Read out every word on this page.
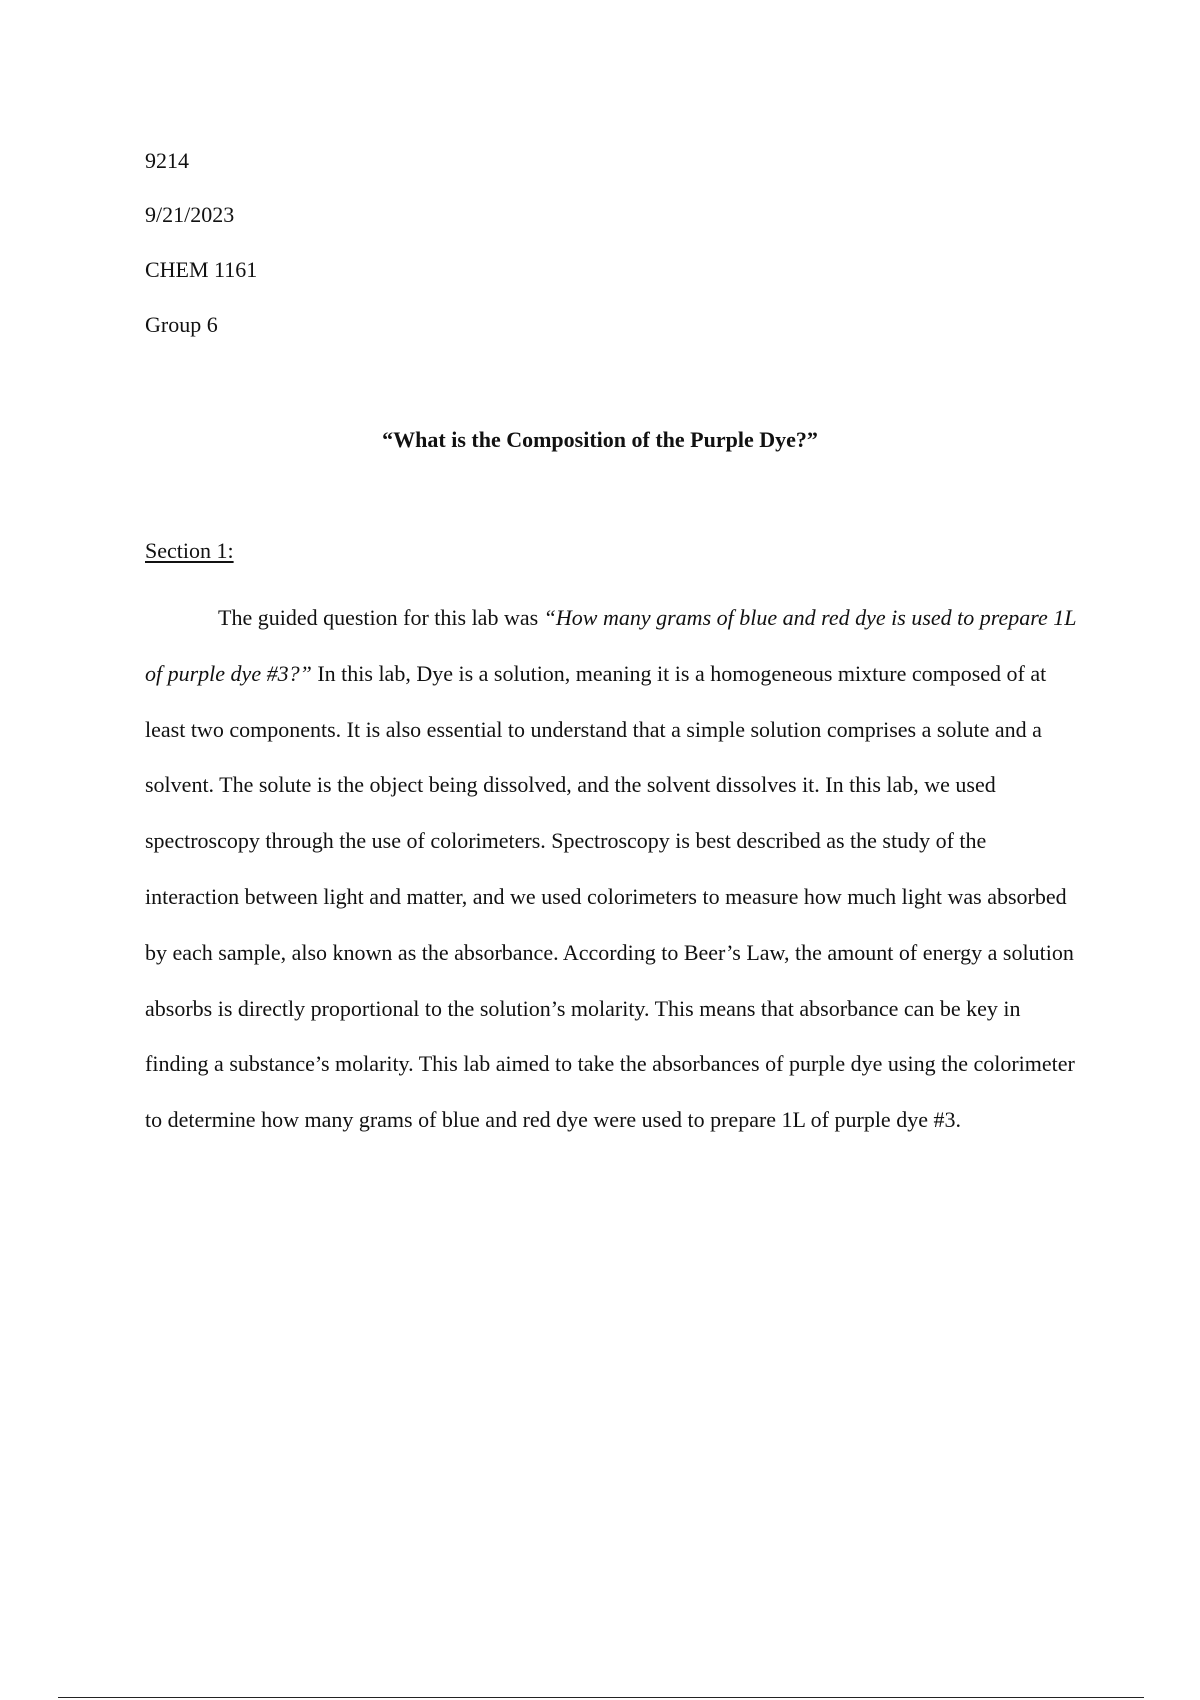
9214
9/21/2023
CHEM 1161
Group 6
“What is the Composition of the Purple Dye?”
Section 1:

The guided question for this lab was “How many grams of blue and red dye is used to prepare 1L of purple dye #3?” In this lab, Dye is a solution, meaning it is a homogeneous mixture composed of at least two components. It is also essential to understand that a simple solution comprises a solute and a solvent. The solute is the object being dissolved, and the solvent dissolves it. In this lab, we used spectroscopy through the use of colorimeters. Spectroscopy is best described as the study of the interaction between light and matter, and we used colorimeters to measure how much light was absorbed by each sample, also known as the absorbance. According to Beer’s Law, the amount of energy a solution absorbs is directly proportional to the solution’s molarity. This means that absorbance can be key in finding a substance’s molarity. This lab aimed to take the absorbances of purple dye using the colorimeter to determine how many grams of blue and red dye were used to prepare 1L of purple dye #3.
